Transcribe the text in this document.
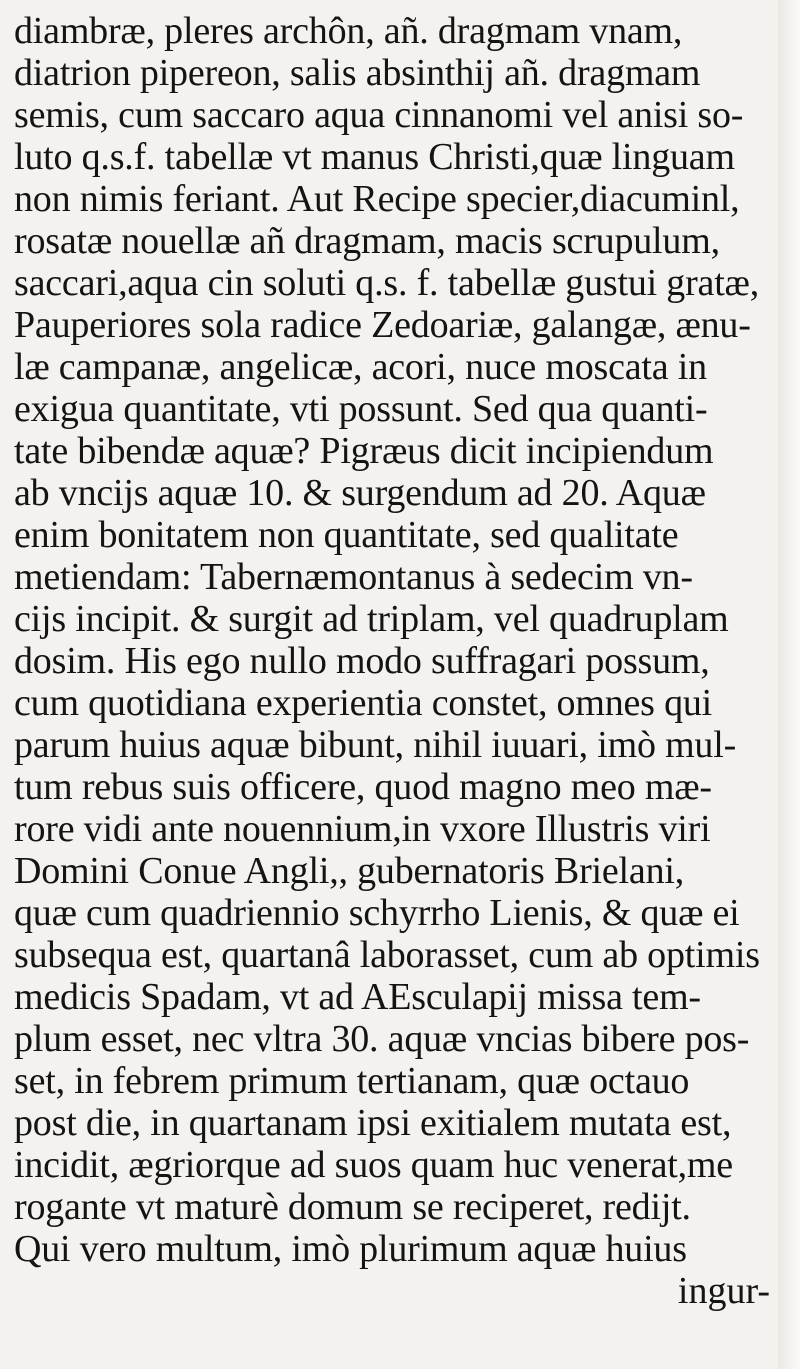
diambræ, pleres archôn, añ. dragmam vnam,
diatrion pipereon, salis absinthij añ. dragmam
semis, cum saccaro aqua cinnanomi vel anisi so-
luto q.s.f. tabellæ vt manus Christi,quæ linguam
non nimis feriant. Aut Recipe specier,diacuminl,
rosatæ nouellæ añ dragmam, macis scrupulum,
saccari,aqua cin soluti q.s. f. tabellæ gustui gratæ,
Pauperiores sola radice Zedoariæ, galangæ, ænu-
læ campanæ, angelicæ, acori, nuce moscata in
exigua quantitate, vti possunt. Sed qua quanti-
tate bibendæ aquæ? Pigræus dicit incipiendum
ab vncijs aquæ 10. & surgendum ad 20. Aquæ
enim bonitatem non quantitate, sed qualitate
metiendam: Tabernæmontanus à sedecim vn-
cijs incipit. & surgit ad triplam, vel quadruplam
dosim. His ego nullo modo suffragari possum,
cum quotidiana experientia constet, omnes qui
parum huius aquæ bibunt, nihil iuuari, imò mul-
tum rebus suis officere, quod magno meo mæ-
rore vidi ante nouennium,in vxore Illustris viri
Domini Conue Angli,, gubernatoris Brielani,
quæ cum quadriennio schyrrho Lienis, & quæ ei
subsequa est, quartanâ laborasset, cum ab optimis
medicis Spadam, vt ad AEsculapij missa tem-
plum esset, nec vltra 30. aquæ vncias bibere pos-
set, in febrem primum tertianam, quæ octauo
post die, in quartanam ipsi exitialem mutata est,
incidit, ægriorque ad suos quam huc venerat,me
rogante vt maturè domum se reciperet, redijt.
Qui vero multum, imò plurimum aquæ huius
ingur-
